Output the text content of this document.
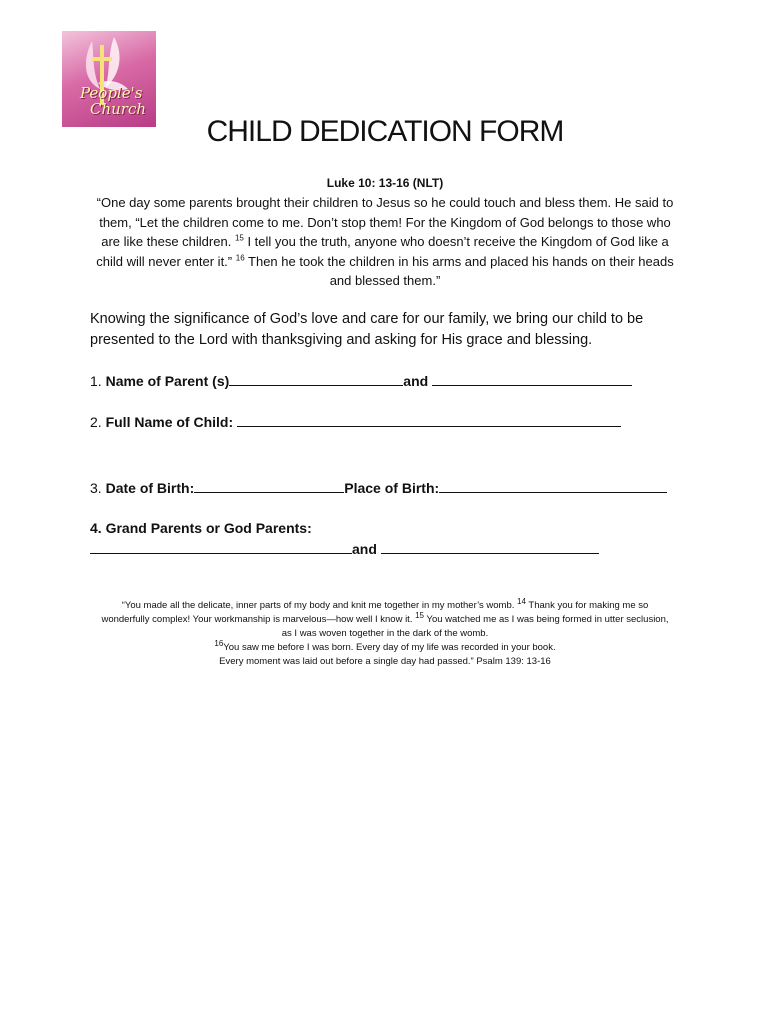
People's
Church
CHILD DEDICATION FORM
Luke 10: 13-16 (NLT)
“One day some parents brought their children to Jesus so he could touch and bless them. He said to them, “Let the children come to me. Don’t stop them! For the Kingdom of God belongs to those who are like these children. $^{15}$ I tell you the truth, anyone who doesn’t receive the Kingdom of God like a child will never enter it.” $^{16}$ Then he took the children in his arms and placed his hands on their heads and blessed them.”
Knowing the significance of God’s love and care for our family, we bring our child to be presented to the Lord with thanksgiving and asking for His grace and blessing.
1. Name of Parent (s)	and
2. Full Name of Child:
3. Date of Birth:	Place of Birth:
4. Grand Parents or God Parents:
and
“You made all the delicate, inner parts of my body and knit me together in my mother’s womb. $^{14}$ Thank you for making me so wonderfully complex! Your workmanship is marvelous—how well I know it. $^{15}$ You watched me as I was being formed in utter seclusion, as I was woven together in the dark of the womb.
$^{16}$You saw me before I was born. Every day of my life was recorded in your book.
Every moment was laid out before a single day had passed.” Psalm 139: 13-16
